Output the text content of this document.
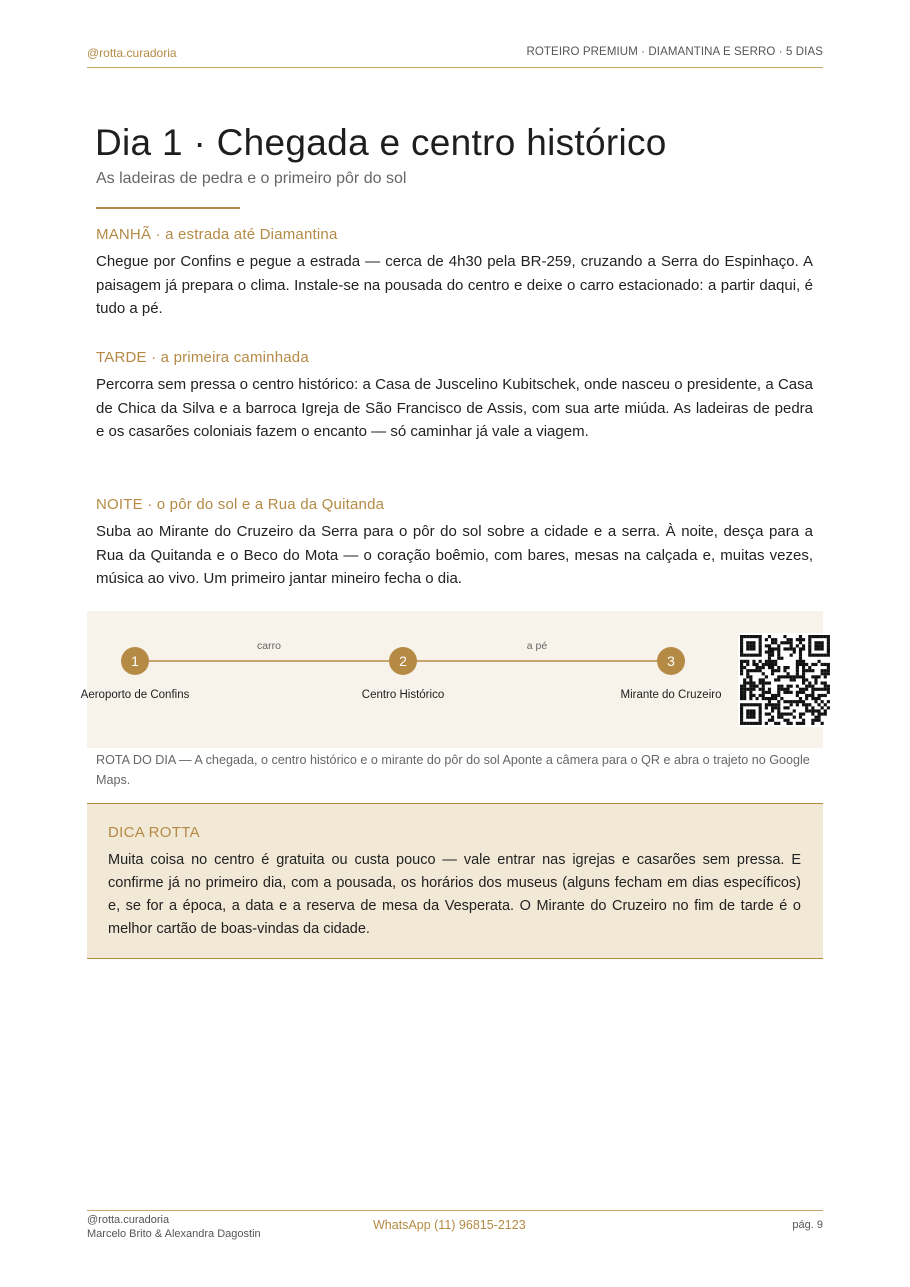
@rotta.curadoria	ROTEIRO PREMIUM · DIAMANTINA E SERRO · 5 DIAS
Dia 1 · Chegada e centro histórico
As ladeiras de pedra e o primeiro pôr do sol
MANHÃ · a estrada até Diamantina

Chegue por Confins e pegue a estrada — cerca de 4h30 pela BR-259, cruzando a Serra do Espinhaço. A paisagem já prepara o clima. Instale-se na pousada do centro e deixe o carro estacionado: a partir daqui, é tudo a pé.

TARDE · a primeira caminhada

Percorra sem pressa o centro histórico: a Casa de Juscelino Kubitschek, onde nasceu o presidente, a Casa de Chica da Silva e a barroca Igreja de São Francisco de Assis, com sua arte miúda. As ladeiras de pedra e os casarões coloniais fazem o encanto — só caminhar já vale a viagem.

NOITE · o pôr do sol e a Rua da Quitanda

Suba ao Mirante do Cruzeiro da Serra para o pôr do sol sobre a cidade e a serra. À noite, desça para a Rua da Quitanda e o Beco do Mota — o coração boêmio, com bares, mesas na calçada e, muitas vezes, música ao vivo. Um primeiro jantar mineiro fecha o dia.

carro	a pé
1	2	3
Aeroporto de Confins	Centro Histórico	Mirante do Cruzeiro
ROTA DO DIA — A chegada, o centro histórico e o mirante do pôr do sol Aponte a câmera para o QR e abra o trajeto no Google Maps.
DICA ROTTA

Muita coisa no centro é gratuita ou custa pouco — vale entrar nas igrejas e casarões sem pressa. E confirme já no primeiro dia, com a pousada, os horários dos museus (alguns fecham em dias específicos) e, se for a época, a data e a reserva de mesa da Vesperata. O Mirante do Cruzeiro no fim de tarde é o melhor cartão de boas-vindas da cidade.

@rotta.curadoria
Marcelo Brito & Alexandra Dagostin
WhatsApp (11) 96815-2123	pág. 9
